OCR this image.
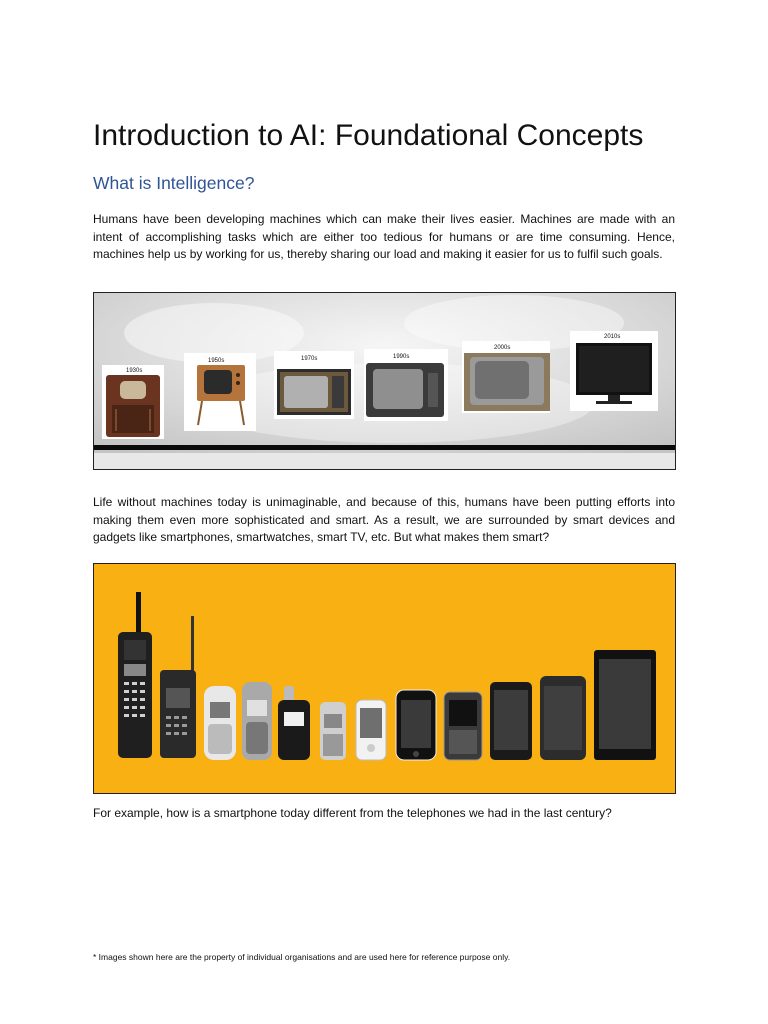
Introduction to AI: Foundational Concepts
What is Intelligence?

Humans have been developing machines which can make their lives easier. Machines are made with an intent of accomplishing tasks which are either too tedious for humans or are time consuming. Hence, machines help us by working for us, thereby sharing our load and making it easier for us to fulfil such goals.

1930s
1950s	1970s	1990s
2000s
2010s

Life without machines today is unimaginable, and because of this, humans have been putting efforts into making them even more sophisticated and smart. As a result, we are surrounded by smart devices and gadgets like smartphones, smartwatches, smart TV, etc. But what makes them smart?

For example, how is a smartphone today different from the telephones we had in the last century?

* Images shown here are the property of individual organisations and are used here for reference purpose only.
